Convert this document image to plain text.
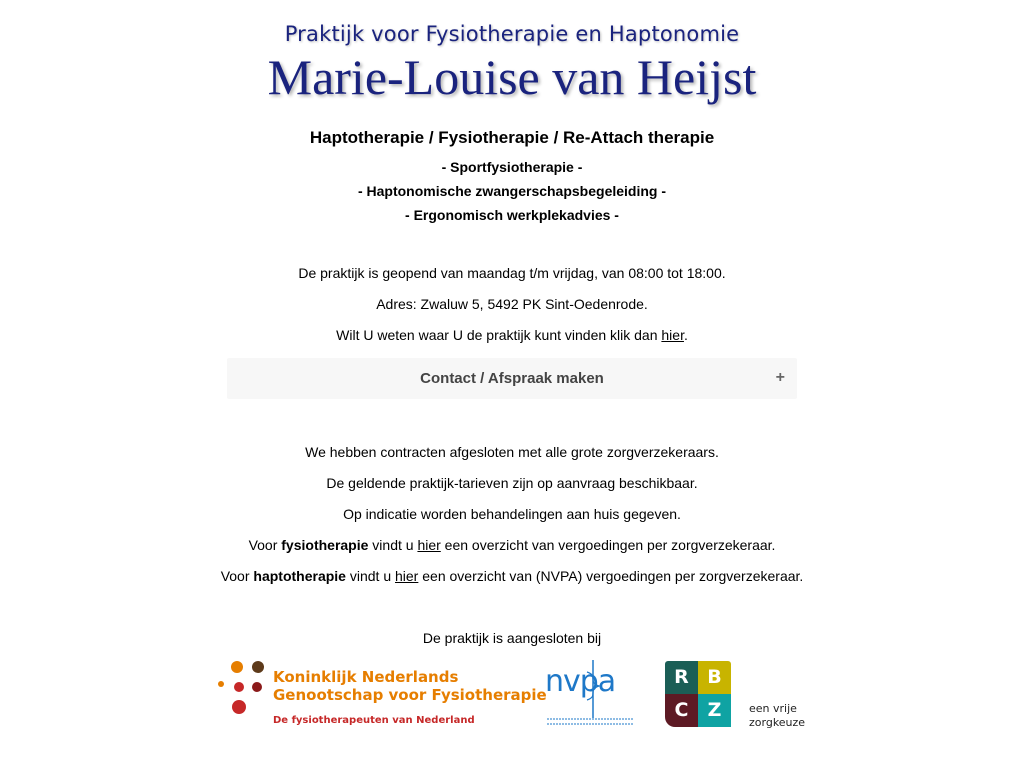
Praktijk voor Fysiotherapie en Haptonomie
Marie-Louise van Heijst
Haptotherapie / Fysiotherapie / Re-Attach therapie
- Sportfysiotherapie -
- Haptonomische zwangerschapsbegeleiding -
- Ergonomisch werkplekadvies -
De praktijk is geopend van maandag t/m vrijdag, van 08:00 tot 18:00.
Adres: Zwaluw 5, 5492 PK Sint-Oedenrode.
Wilt U weten waar U de praktijk kunt vinden klik dan hier.
Contact / Afspraak maken	+
We hebben contracten afgesloten met alle grote zorgverzekeraars.
De geldende praktijk-tarieven zijn op aanvraag beschikbaar.
Op indicatie worden behandelingen aan huis gegeven.
Voor fysiotherapie vindt u hier een overzicht van vergoedingen per zorgverzekeraar.
Voor haptotherapie vindt u hier een overzicht van (NVPA) vergoedingen per zorgverzekeraar.
De praktijk is aangesloten bij
Koninklijk Nederlands
Genootschap voor Fysiotherapie
De fysiotherapeuten van Nederland
nvpa	R B
C	Z	een vrije
zorgkeuze
